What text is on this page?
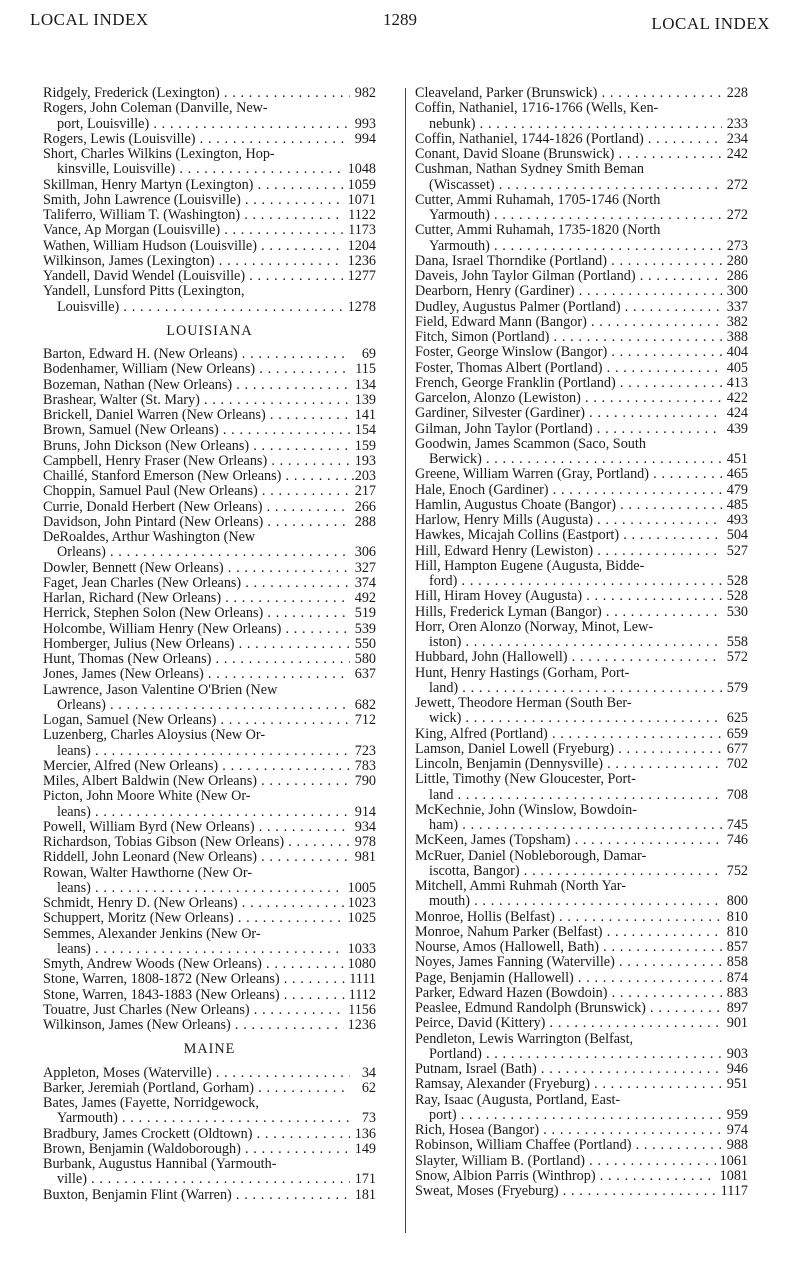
LOCAL INDEX	1289	LOCAL INDEX
Ridgely, Frederick (Lexington) . . .	982
Rogers, John Coleman (Danville, New-
port, Louisville) . . .	993
Rogers, Lewis (Louisville) . . .	994
Short, Charles Wilkins (Lexington, Hop-
kinsville, Louisville) . . .	1048
Skillman, Henry Martyn (Lexington) . . .	1059
Smith, John Lawrence (Louisville) . . .	1071
Taliferro, William T. (Washington) . . .	1122
Vance, Ap Morgan (Louisville) . . .	1173
Wathen, William Hudson (Louisville) . . .	1204
Wilkinson, James (Lexington) . . .	1236
Yandell, David Wendel (Louisville) . . .	1277
Yandell, Lunsford Pitts (Lexington,
Louisville) . . .	1278
LOUISIANA
Barton, Edward H. (New Orleans) . . .	69
Bodenhamer, William (New Orleans) . . .	115
Bozeman, Nathan (New Orleans) . . .	134
Brashear, Walter (St. Mary) . . .	139
Brickell, Daniel Warren (New Orleans) . . .	141
Brown, Samuel (New Orleans) . . .	154
Bruns, John Dickson (New Orleans) . . .	159
Campbell, Henry Fraser (New Orleans) . . .	193
Chaillé, Stanford Emerson (New Orleans) . . .	.203
Choppin, Samuel Paul (New Orleans) . . .	217
Currie, Donald Herbert (New Orleans) . . .	266
Davidson, John Pintard (New Orleans) . . .	288
DeRoaldes, Arthur Washington (New
Orleans) . . .	306
Dowler, Bennett (New Orleans) . . .	327
Faget, Jean Charles (New Orleans) . . .	374
Harlan, Richard (New Orleans) . . .	492
Herrick, Stephen Solon (New Orleans) . . .	519
Holcombe, William Henry (New Orleans) . . .	539
Homberger, Julius (New Orleans) . . .	550
Hunt, Thomas (New Orleans) . . .	580
Jones, James (New Orleans) . . .	637
Lawrence, Jason Valentine O'Brien (New
Orleans) . . .	682
Logan, Samuel (New Orleans) . . .	712
Luzenberg, Charles Aloysius (New Or-
leans) . . .	723
Mercier, Alfred (New Orleans) . . .	783
Miles, Albert Baldwin (New Orleans) . . .	790
Picton, John Moore White (New Or-
leans) . . .	914
Powell, William Byrd (New Orleans) . . .	934
Richardson, Tobias Gibson (New Orleans) . . .	978
Riddell, John Leonard (New Orleans) . . .	981
Rowan, Walter Hawthorne (New Or-
leans) . . .	1005
Schmidt, Henry D. (New Orleans) . . .	1023
Schuppert, Moritz (New Orleans) . . .	1025
Semmes, Alexander Jenkins (New Or-
leans) . . .	1033
Smyth, Andrew Woods (New Orleans) . . .	1080
Stone, Warren, 1808-1872 (New Orleans) . . .	1111
Stone, Warren, 1843-1883 (New Orleans) . . .	1112
Touatre, Just Charles (New Orleans) . . .	1156
Wilkinson, James (New Orleans) . . .	1236
MAINE
Appleton, Moses (Waterville) . . .	34
Barker, Jeremiah (Portland, Gorham) . . .	62
Bates, James (Fayette, Norridgewock,
Yarmouth) . . .	73
Bradbury, James Crockett (Oldtown) . . .	136
Brown, Benjamin (Waldoborough) . . .	149
Burbank, Augustus Hannibal (Yarmouth-
ville) . . .	171
Buxton, Benjamin Flint (Warren) . . .	181
Cleaveland, Parker (Brunswick) . . .	228
Coffin, Nathaniel, 1716-1766 (Wells, Ken-
nebunk) . . .	233
Coffin, Nathaniel, 1744-1826 (Portland) . . .	234
Conant, David Sloane (Brunswick) . . .	242
Cushman, Nathan Sydney Smith Beman
(Wiscasset) . . .	272
Cutter, Ammi Ruhamah, 1705-1746 (North
Yarmouth) . . .	272
Cutter, Ammi Ruhamah, 1735-1820 (North
Yarmouth) . . .	273
Dana, Israel Thorndike (Portland) . . .	280
Daveis, John Taylor Gilman (Portland) . . .	286
Dearborn, Henry (Gardiner) . . .	300
Dudley, Augustus Palmer (Portland) . . .	337
Field, Edward Mann (Bangor) . . .	382
Fitch, Simon (Portland) . . .	388
Foster, George Winslow (Bangor) . . .	404
Foster, Thomas Albert (Portland) . . .	405
French, George Franklin (Portland) . . .	413
Garcelon, Alonzo (Lewiston) . . .	422
Gardiner, Silvester (Gardiner) . . .	424
Gilman, John Taylor (Portland) . . .	439
Goodwin, James Scammon (Saco, South
Berwick) . . .	451
Greene, William Warren (Gray, Portland) . . .	465
Hale, Enoch (Gardiner) . . .	479
Hamlin, Augustus Choate (Bangor) . . .	485
Harlow, Henry Mills (Augusta) . . .	493
Hawkes, Micajah Collins (Eastport) . . .	504
Hill, Edward Henry (Lewiston) . . .	527
Hill, Hampton Eugene (Augusta, Bidde-
ford) . . .	528
Hill, Hiram Hovey (Augusta) . . .	528
Hills, Frederick Lyman (Bangor) . . .	530
Horr, Oren Alonzo (Norway, Minot, Lew-
iston) . . .	558
Hubbard, John (Hallowell) . . .	572
Hunt, Henry Hastings (Gorham, Port-
land) . . .	579
Jewett, Theodore Herman (South Ber-
wick) . . .	625
King, Alfred (Portland) . . .	659
Lamson, Daniel Lowell (Fryeburg) . . .	677
Lincoln, Benjamin (Dennysville) . . .	702
Little, Timothy (New Gloucester, Port-
land . . .	708
McKechnie, John (Winslow, Bowdoin-
ham) . . .	745
McKeen, James (Topsham) . . .	746
McRuer, Daniel (Nobleborough, Damar-
iscotta, Bangor) . . .	752
Mitchell, Ammi Ruhmah (North Yar-
mouth) . . .	800
Monroe, Hollis (Belfast) . . .	810
Monroe, Nahum Parker (Belfast) . . .	810
Nourse, Amos (Hallowell, Bath) . . .	857
Noyes, James Fanning (Waterville) . . .	858
Page, Benjamin (Hallowell) . . .	874
Parker, Edward Hazen (Bowdoin) . . .	883
Peaslee, Edmund Randolph (Brunswick) . . .	897
Peirce, David (Kittery) . . .	901
Pendleton, Lewis Warrington (Belfast,
Portland) . . .	903
Putnam, Israel (Bath) . . .	946
Ramsay, Alexander (Fryeburg) . . .	951
Ray, Isaac (Augusta, Portland, East-
port) . . .	959
Rich, Hosea (Bangor) . . .	974
Robinson, William Chaffee (Portland) . . .	988
Slayter, William B. (Portland) . . .	1061
Snow, Albion Parris (Winthrop) . . .	1081
Sweat, Moses (Fryeburg) . . .	1117
